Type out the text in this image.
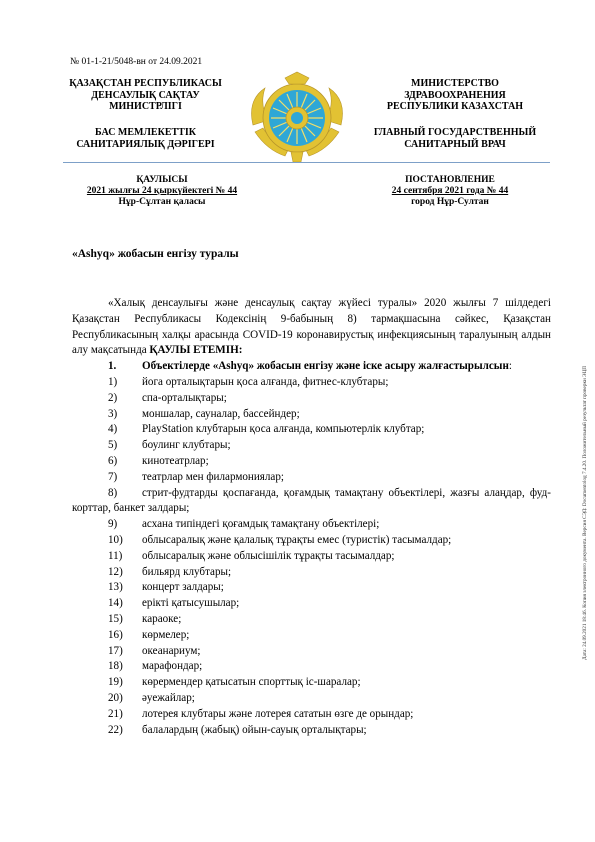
№ 01-1-21/5048-вн от 24.09.2021
ҚАЗАҚСТАН РЕСПУБЛИКАСЫ
ДЕНСАУЛЫҚ САҚТАУ
МИНИСТРЛІГІ
БАС МЕМЛЕКЕТТІК
САНИТАРИЯЛЫҚ ДӘРІГЕРІ
МИНИСТЕРСТВО
ЗДРАВООХРАНЕНИЯ
РЕСПУБЛИКИ КАЗАХСТАН
ГЛАВНЫЙ ГОСУДАРСТВЕННЫЙ
САНИТАРНЫЙ ВРАЧ
ҚАУЛЫСЫ
2021 жылғы 24 қыркүйектегі № 44
Нұр-Сұлтан қаласы
ПОСТАНОВЛЕНИЕ
24 сентября 2021 года № 44
город Нұр-Султан
«Ashyq» жобасын енгізу туралы

«Халық денсаулығы және денсаулық сақтау жүйесі туралы» 2020 жылғы 7 шілдедегі Қазақстан Республикасы Кодексінің 9-бабының 8) тармақшасына сәйкес, Қазақстан Республикасының халқы арасында COVID-19 коронавирустық инфекциясының таралуының алдын алу мақсатында ҚАУЛЫ ЕТЕМІН:

1. Объектілерде «Ashyq» жобасын енгізу және іске асыру жалғастырылсын:

1)	йога орталықтарын қоса алғанда, фитнес-клубтары;

2)	спа-орталықтары;

3)	моншалар, сауналар, бассейндер;

4)	PlayStation клубтарын қоса алғанда, компьютерлік клубтар;

5)	боулинг клубтары;

6)	кинотеатрлар;

7)	театрлар мен филармониялар;

8) стрит-фудтарды қоспағанда, қоғамдық тамақтану объектілері, жазғы алаңдар, фуд-корттар, банкет залдары;

9)	асхана типіндегі қоғамдық тамақтану объектілері;

10)	облысаралық және қалалық тұрақты емес (туристік) тасымалдар;

11)	облысаралық және облысішілік тұрақты тасымалдар;

12)	бильярд клубтары;

13)	концерт залдары;

14)	ерікті қатысушылар;

15)	караоке;

16)	көрмелер;

17)	океанариум;

18)	марафондар;

19)	көрермендер қатысатын спорттық іс-шаралар;

20)	әуежайлар;

21)	лотерея клубтары және лотерея сататын өзге де орындар;

22)	балалардың (жабық) ойын-сауық орталықтары;

Дата: 24.09.2021 18:46. Копия электронного документа. Версия СЭД: Documentolog 7.4.20. Положительный результат проверки ЭЦП
